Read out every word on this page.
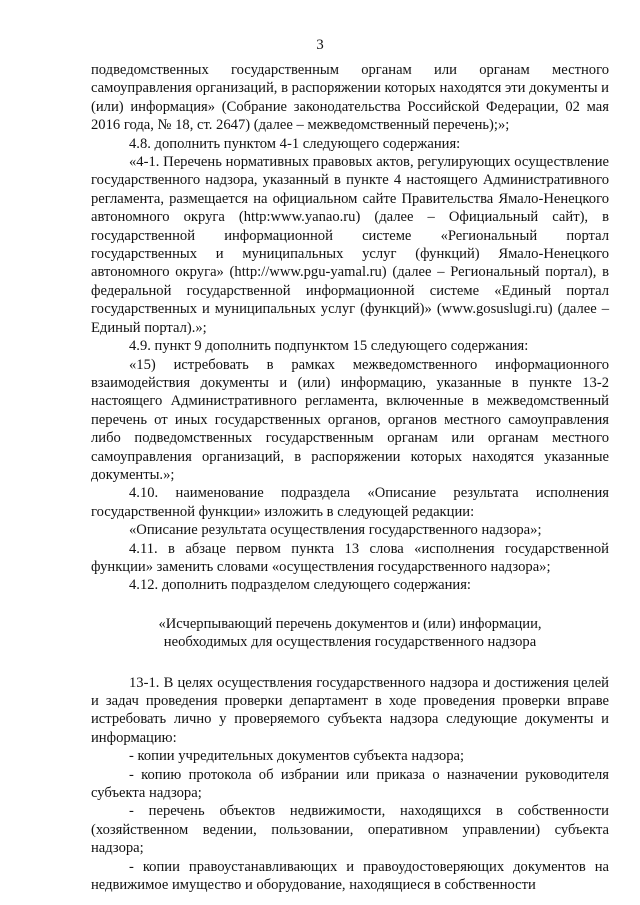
3

подведомственных государственным органам или органам местного самоуправления организаций, в распоряжении которых находятся эти документы и (или) информация» (Собрание законодательства Российской Федерации, 02 мая 2016 года, № 18, ст. 2647) (далее – межведомственный перечень);»;

4.8. дополнить пунктом 4-1 следующего содержания:

«4-1. Перечень нормативных правовых актов, регулирующих осуществление государственного надзора, указанный в пункте 4 настоящего Административного регламента, размещается на официальном сайте Правительства Ямало-Ненецкого автономного округа (http:www.yanao.ru) (далее – Официальный сайт), в государственной информационной системе «Региональный портал государственных и муниципальных услуг (функций) Ямало-Ненецкого автономного округа» (http://www.pgu-yamal.ru) (далее – Региональный портал), в федеральной государственной информационной системе «Единый портал государственных и муниципальных услуг (функций)» (www.gosuslugi.ru) (далее – Единый портал).»;

4.9. пункт 9 дополнить подпунктом 15 следующего содержания:

«15) истребовать в рамках межведомственного информационного взаимодействия документы и (или) информацию, указанные в пункте 13-2 настоящего Административного регламента, включенные в межведомственный перечень от иных государственных органов, органов местного самоуправления либо подведомственных государственным органам или органам местного самоуправления организаций, в распоряжении которых находятся указанные документы.»;

4.10. наименование подраздела «Описание результата исполнения государственной функции» изложить в следующей редакции:

«Описание результата осуществления государственного надзора»;

4.11. в абзаце первом пункта 13 слова «исполнения государственной функции» заменить словами «осуществления государственного надзора»;

4.12. дополнить подразделом следующего содержания:

«Исчерпывающий перечень документов и (или) информации,
необходимых для осуществления государственного надзора

13-1. В целях осуществления государственного надзора и достижения целей и задач проведения проверки департамент в ходе проведения проверки вправе истребовать лично у проверяемого субъекта надзора следующие документы и информацию:

- копии учредительных документов субъекта надзора;

- копию протокола об избрании или приказа о назначении руководителя субъекта надзора;

- перечень объектов недвижимости, находящихся в собственности (хозяйственном ведении, пользовании, оперативном управлении) субъекта надзора;

- копии правоустанавливающих и правоудостоверяющих документов на недвижимое имущество и оборудование, находящиеся в собственности
